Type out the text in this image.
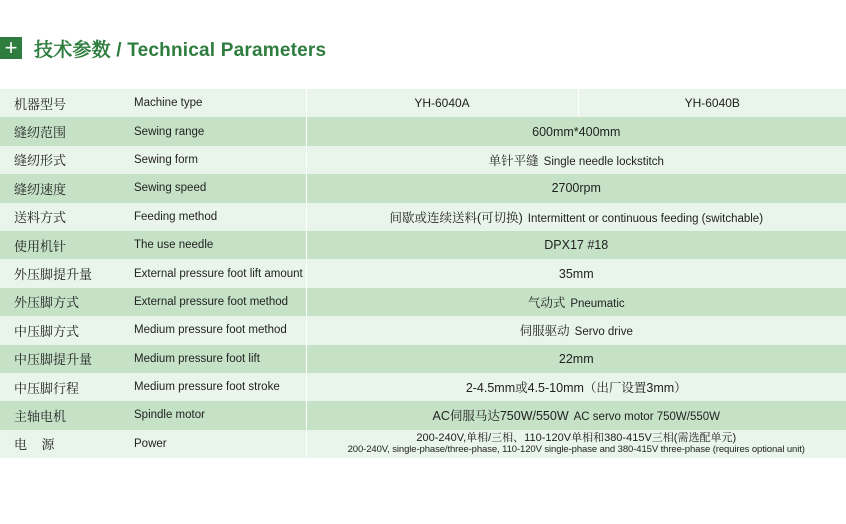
+ 技术参数 / Technical Parameters
机器型号	Machine type	YH-6040A	YH-6040B
缝纫范围	Sewing range	600mm*400mm	
缝纫形式	Sewing form	单针平缝 Single needle lockstitch	
缝纫速度	Sewing speed	2700rpm	
送料方式	Feeding method	间歇或连续送料(可切换) Intermittent or continuous feeding (switchable)	
使用机针	The use needle	DPX17 #18	
外压脚提升量	External pressure foot lift amount	35mm	
外压脚方式	External pressure foot method	气动式 Pneumatic	
中压脚方式	Medium pressure foot method	伺服驱动 Servo drive	
中压脚提升量	Medium pressure foot lift	22mm	
中压脚行程	Medium pressure foot stroke	2-4.5mm或4.5-10mm（出厂设置3mm）	
主轴电机	Spindle motor	AC伺服马达750W/550W AC servo motor 750W/550W	
电    源	Power	200-240V,单相/三相、110-120V单相和380-415V三相(需选配单元)
200-240V, single-phase/three-phase, 110-120V single-phase and 380-415V three-phase (requires optional unit)	
